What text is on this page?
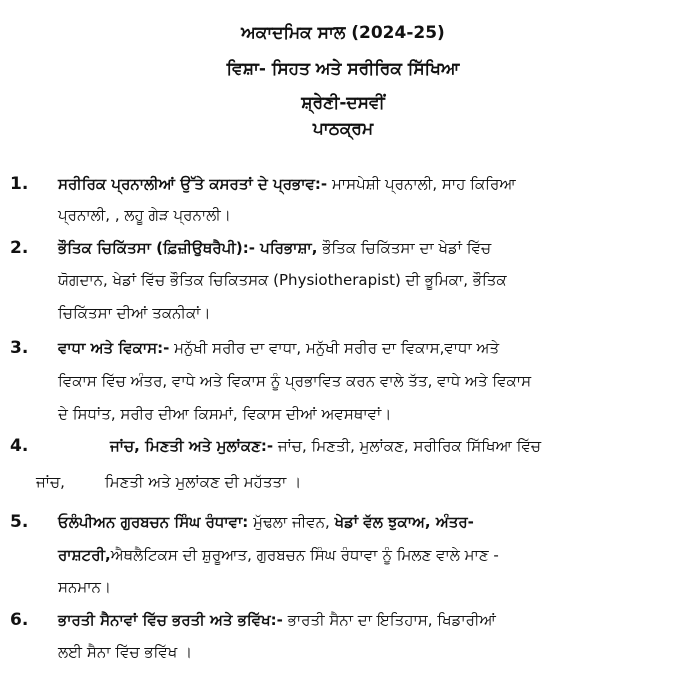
ਅਕਾਦਮਿਕ ਸਾਲ (2024-25)
ਵਿਸ਼ਾ- ਸਿਹਤ ਅਤੇ ਸਰੀਰਿਕ ਸਿੱਖਿਆ
ਸ਼੍ਰੇਣੀ-ਦਸਵੀਂ
ਪਾਠਕ੍ਰਮ
1. ਸਰੀਰਿਕ ਪ੍ਰਨਾਲੀਆਂ ਉੱਤੇ ਕਸਰਤਾਂ ਦੇ ਪ੍ਰਭਾਵ:- ਮਾਸਪੇਸ਼ੀ ਪ੍ਰਨਾਲੀ, ਸਾਹ ਕਿਰਿਆ
ਪ੍ਰਨਾਲੀ, , ਲਹੂ ਗੇੜ ਪ੍ਰਨਾਲੀ।
2. ਭੌਤਿਕ ਚਿਕਿੱਤਸਾ (ਫ਼ਿਜ਼ੀਉਥਰੈਪੀ):- ਪਰਿਭਾਸ਼ਾ, ਭੌਤਿਕ ਚਿਕਿੱਤਸਾ ਦਾ ਖੇਡਾਂ ਵਿੱਚ
ਯੋਗਦਾਨ, ਖੇਡਾਂ ਵਿੱਚ ਭੌਤਿਕ ਚਿਕਿਤਸਕ (Physiotherapist) ਦੀ ਭੂਮਿਕਾ, ਭੌਤਿਕ
ਚਿਕਿੱਤਸਾ ਦੀਆਂ ਤਕਨੀਕਾਂ।
3. ਵਾਧਾ ਅਤੇ ਵਿਕਾਸ:- ਮਨੁੱਖੀ ਸਰੀਰ ਦਾ ਵਾਧਾ, ਮਨੁੱਖੀ ਸਰੀਰ ਦਾ ਵਿਕਾਸ,ਵਾਧਾ ਅਤੇ
ਵਿਕਾਸ ਵਿੱਚ ਅੰਤਰ, ਵਾਧੇ ਅਤੇ ਵਿਕਾਸ ਨੂੰ ਪ੍ਰਭਾਵਿਤ ਕਰਨ ਵਾਲੇ ਤੱਤ, ਵਾਧੇ ਅਤੇ ਵਿਕਾਸ
ਦੇ ਸਿਧਾਂਤ, ਸਰੀਰ ਦੀਆ ਕਿਸਮਾਂ, ਵਿਕਾਸ ਦੀਆਂ ਅਵਸਥਾਵਾਂ।
4.	ਜਾਂਚ, ਮਿਣਤੀ ਅਤੇ ਮੁਲਾਂਕਣ:- ਜਾਂਚ, ਮਿਣਤੀ, ਮੁਲਾਂਕਣ, ਸਰੀਰਿਕ ਸਿੱਖਿਆ ਵਿੱਚ
ਜਾਂਚ,	ਮਿਣਤੀ ਅਤੇ ਮੁਲਾਂਕਣ ਦੀ ਮਹੱਤਤਾ ।
5. ਓਲੰਪੀਅਨ ਗੁਰਬਚਨ ਸਿੰਘ ਰੰਧਾਵਾ: ਮੁੱਢਲਾ ਜੀਵਨ, ਖੇਡਾਂ ਵੱਲ ਝੁਕਾਅ, ਅੰਤਰ-
ਰਾਸ਼ਟਰੀ,ਐਥਲੈਟਿਕਸ ਦੀ ਸ਼ੁਰੂਆਤ, ਗੁਰਬਚਨ ਸਿੰਘ ਰੰਧਾਵਾ ਨੂੰ ਮਿਲਣ ਵਾਲੇ ਮਾਣ -
ਸਨਮਾਨ।
6. ਭਾਰਤੀ ਸੈਨਾਵਾਂ ਵਿੱਚ ਭਰਤੀ ਅਤੇ ਭਵਿੱਖ:- ਭਾਰਤੀ ਸੈਨਾ ਦਾ ਇਤਿਹਾਸ, ਖਿਡਾਰੀਆਂ
ਲਈ ਸੈਨਾ ਵਿੱਚ ਭਵਿੱਖ ।
